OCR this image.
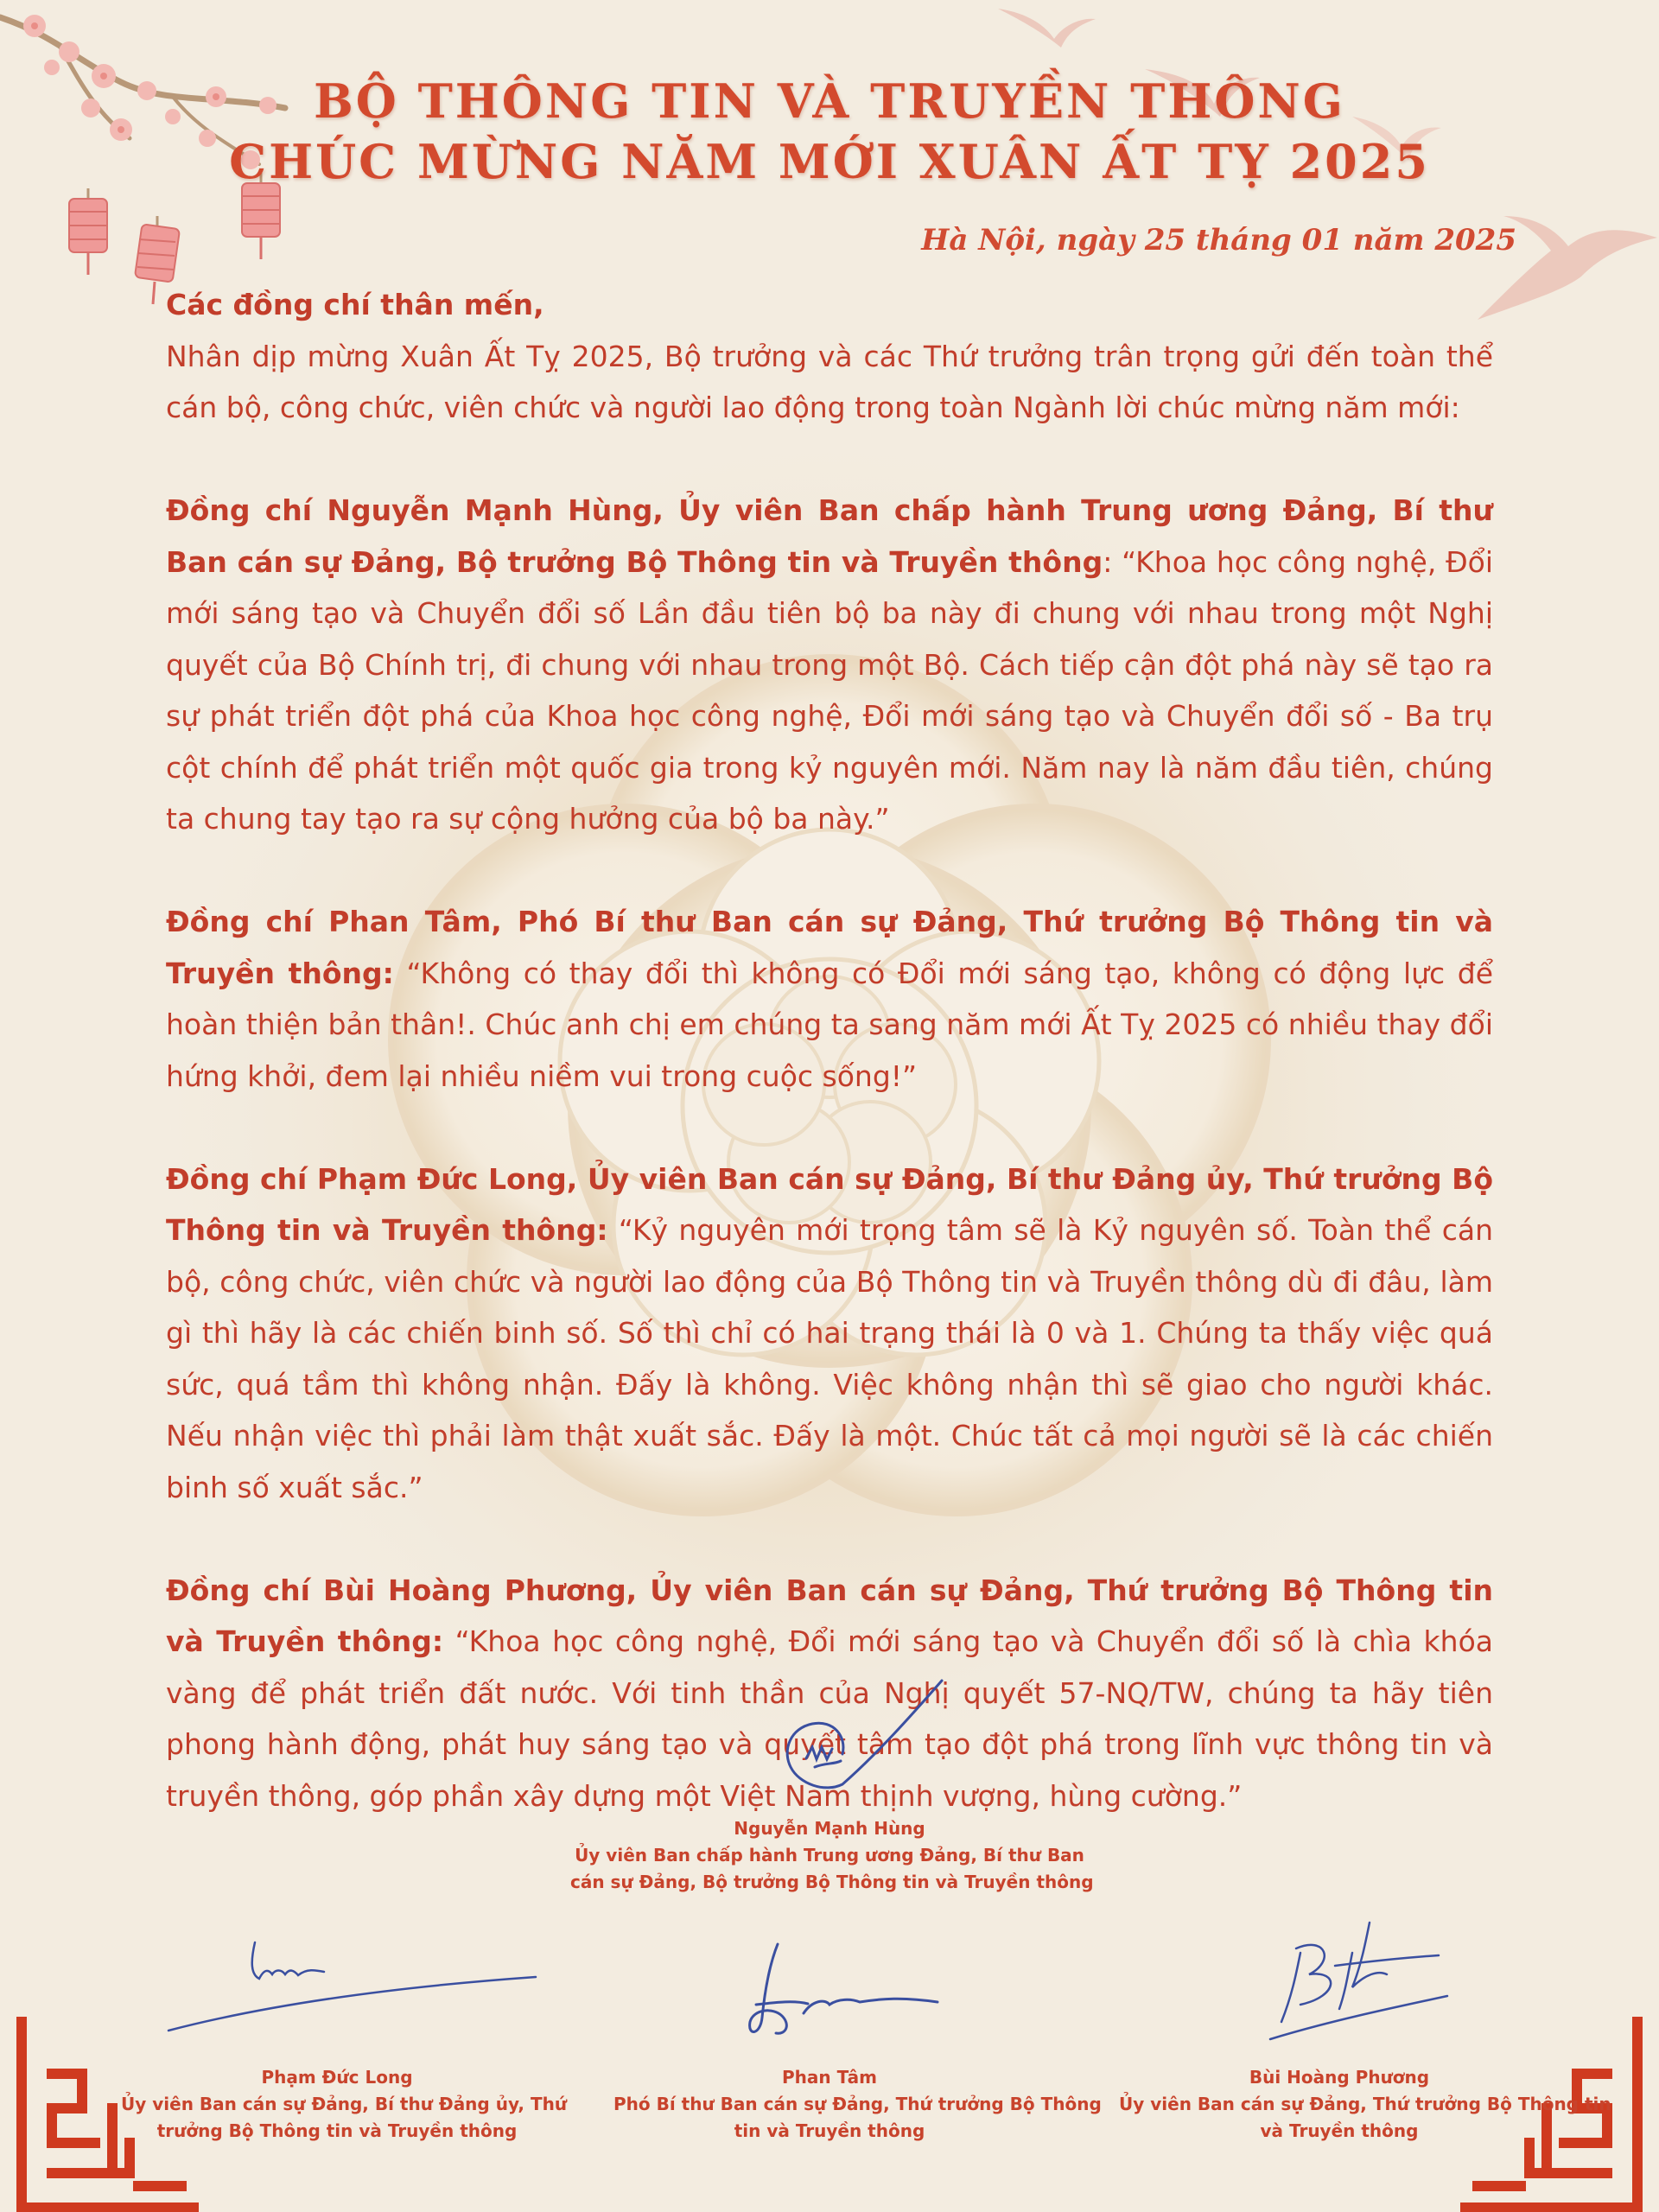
BỘ THÔNG TIN VÀ TRUYỀN THÔNG
CHÚC MỪNG NĂM MỚI XUÂN ẤT TỴ 2025
Hà Nội, ngày 25 tháng 01 năm 2025

Các đồng chí thân mến,

Nhân dịp mừng Xuân Ất Tỵ 2025, Bộ trưởng và các Thứ trưởng trân trọng gửi đến toàn thể cán bộ, công chức, viên chức và người lao động trong toàn Ngành lời chúc mừng năm mới:

Đồng chí Nguyễn Mạnh Hùng, Ủy viên Ban chấp hành Trung ương Đảng, Bí thư Ban cán sự Đảng, Bộ trưởng Bộ Thông tin và Truyền thông: “Khoa học công nghệ, Đổi mới sáng tạo và Chuyển đổi số Lần đầu tiên bộ ba này đi chung với nhau trong một Nghị quyết của Bộ Chính trị, đi chung với nhau trong một Bộ. Cách tiếp cận đột phá này sẽ tạo ra sự phát triển đột phá của Khoa học công nghệ, Đổi mới sáng tạo và Chuyển đổi số - Ba trụ cột chính để phát triển một quốc gia trong kỷ nguyên mới. Năm nay là năm đầu tiên, chúng ta chung tay tạo ra sự cộng hưởng của bộ ba này.”

Đồng chí Phan Tâm, Phó Bí thư Ban cán sự Đảng, Thứ trưởng Bộ Thông tin và Truyền thông: “Không có thay đổi thì không có Đổi mới sáng tạo, không có động lực để hoàn thiện bản thân!. Chúc anh chị em chúng ta sang năm mới Ất Tỵ 2025 có nhiều thay đổi hứng khởi, đem lại nhiều niềm vui trong cuộc sống!”

Đồng chí Phạm Đức Long, Ủy viên Ban cán sự Đảng, Bí thư Đảng ủy, Thứ trưởng Bộ Thông tin và Truyền thông: “Kỷ nguyên mới trọng tâm sẽ là Kỷ nguyên số. Toàn thể cán bộ, công chức, viên chức và người lao động của Bộ Thông tin và Truyền thông dù đi đâu, làm gì thì hãy là các chiến binh số. Số thì chỉ có hai trạng thái là 0 và 1. Chúng ta thấy việc quá sức, quá tầm thì không nhận. Đấy là không. Việc không nhận thì sẽ giao cho người khác. Nếu nhận việc thì phải làm thật xuất sắc. Đấy là một. Chúc tất cả mọi người sẽ là các chiến binh số xuất sắc.”

Đồng chí Bùi Hoàng Phương, Ủy viên Ban cán sự Đảng, Thứ trưởng Bộ Thông tin và Truyền thông: “Khoa học công nghệ, Đổi mới sáng tạo và Chuyển đổi số là chìa khóa vàng để phát triển đất nước. Với tinh thần của Nghị quyết 57-NQ/TW, chúng ta hãy tiên phong hành động, phát huy sáng tạo và quyết tâm tạo đột phá trong lĩnh vực thông tin và truyền thông, góp phần xây dựng một Việt Nam thịnh vượng, hùng cường.”

Nguyễn Mạnh Hùng
Ủy viên Ban chấp hành Trung ương Đảng, Bí thư Ban
cán sự Đảng, Bộ trưởng Bộ Thông tin và Truyền thông
Phạm Đức Long
Ủy viên Ban cán sự Đảng, Bí thư Đảng ủy, Thứ
trưởng Bộ Thông tin và Truyền thông
Phan Tâm
Phó Bí thư Ban cán sự Đảng, Thứ trưởng Bộ Thông
tin và Truyền thông
Bùi Hoàng Phương
Ủy viên Ban cán sự Đảng, Thứ trưởng Bộ Thông tin
và Truyền thông
